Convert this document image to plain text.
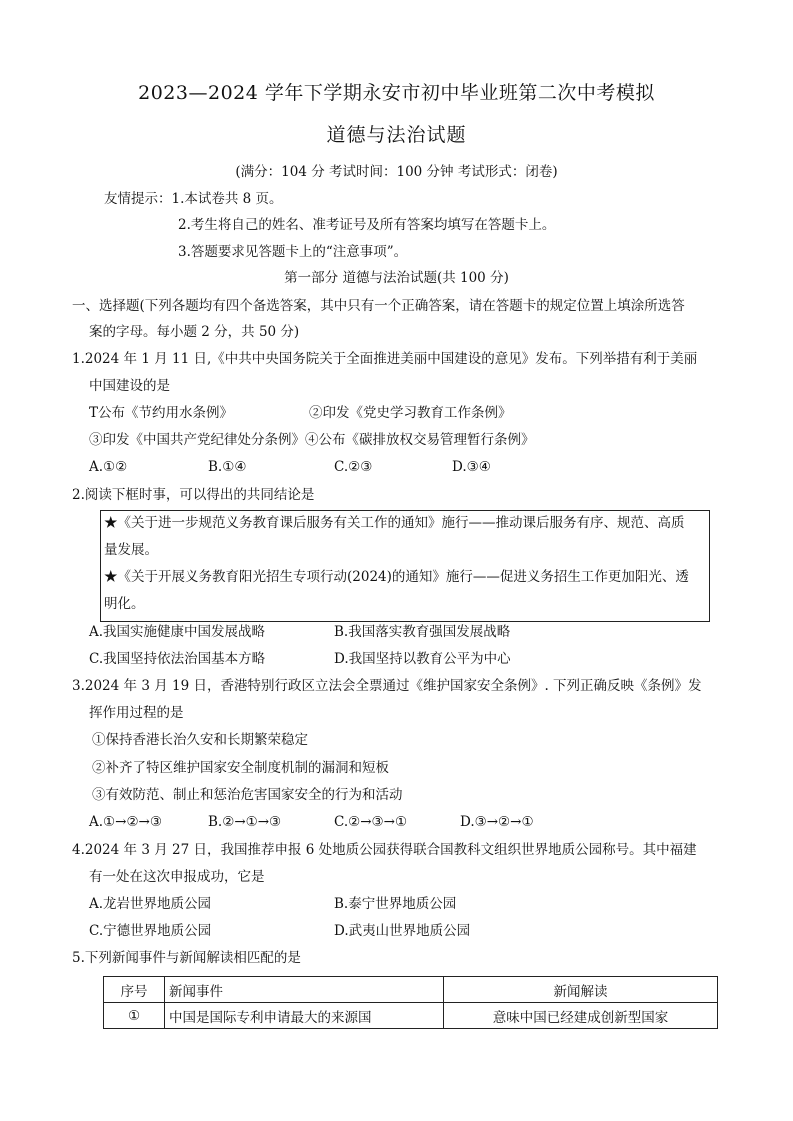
2023—2024 学年下学期永安市初中毕业班第二次中考模拟
道德与法治试题
(满分：104 分 考试时间：100 分钟 考试形式：闭卷)
友情提示：1.本试卷共 8 页。
2.考生将自己的姓名、准考证号及所有答案均填写在答题卡上。
3.答题要求见答题卡上的“注意事项”。
第一部分 道德与法治试题(共 100 分)
一、选择题(下列各题均有四个备选答案，其中只有一个正确答案，请在答题卡的规定位置上填涂所选答
案的字母。每小题 2 分，共 50 分)
1.2024 年 1 月 11 日,《中共中央国务院关于全面推进美丽中国建设的意见》发布。下列举措有利于美丽
中国建设的是
T公布《节约用水条例》	②印发《党史学习教育工作条例》
③印发《中国共产党纪律处分条例》④公布《碳排放权交易管理暂行条例》
A.①②	B.①④	C.②③	D.③④
2.阅读下框时事，可以得出的共同结论是
★《关于进一步规范义务教育课后服务有关工作的通知》施行——推动课后服务有序、规范、高质
量发展。
★《关于开展义务教育阳光招生专项行动(2024)的通知》施行——促进义务招生工作更加阳光、透
明化。
A.我国实施健康中国发展战略	B.我国落实教育强国发展战略
C.我国坚持依法治国基本方略	D.我国坚持以教育公平为中心
3.2024 年 3 月 19 日，香港特别行政区立法会全票通过《维护国家安全条例》. 下列正确反映《条例》发
挥作用过程的是
①保持香港长治久安和长期繁荣稳定
②补齐了特区维护国家安全制度机制的漏洞和短板
③有效防范、制止和惩治危害国家安全的行为和活动
A.①→②→③	B.②→①→③	C.②→③→①	D.③→②→①
4.2024 年 3 月 27 日，我国推荐申报 6 处地质公园获得联合国教科文组织世界地质公园称号。其中福建
有一处在这次申报成功，它是
A.龙岩世界地质公园	B.泰宁世界地质公园
C.宁德世界地质公园	D.武夷山世界地质公园
5.下列新闻事件与新闻解读相匹配的是
序号	新闻事件	新闻解读
①	中国是国际专利申请最大的来源国	意味中国已经建成创新型国家
